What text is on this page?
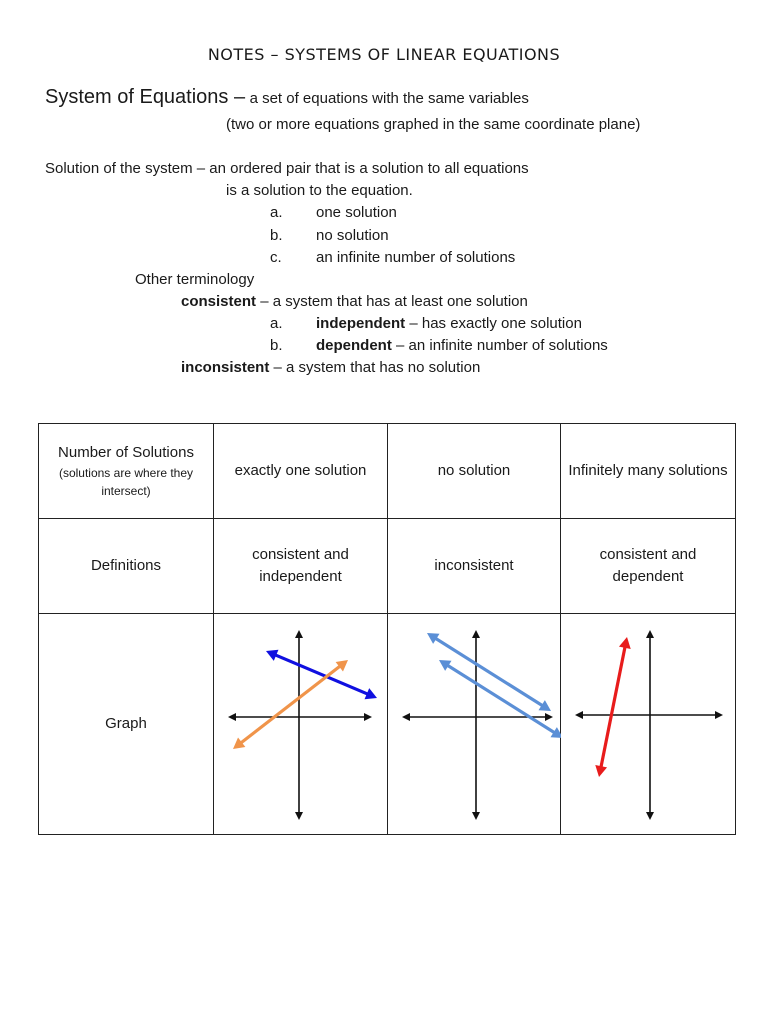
NOTES – SYSTEMS OF LINEAR EQUATIONS
System of Equations – a set of equations with the same variables
(two or more equations graphed in the same coordinate plane)
Solution of the system – an ordered pair that is a solution to all equations
is a solution to the equation.
a. one solution
b. no solution
c. an infinite number of solutions
Other terminology
consistent – a system that has at least one solution
a. independent – has exactly one solution
b. dependent – an infinite number of solutions
inconsistent – a system that has no solution
Number of Solutions
(solutions are where they intersect)	exactly one solution	no solution	Infinitely many solutions
Definitions	consistent and independent	inconsistent	consistent and dependent
Graph	
